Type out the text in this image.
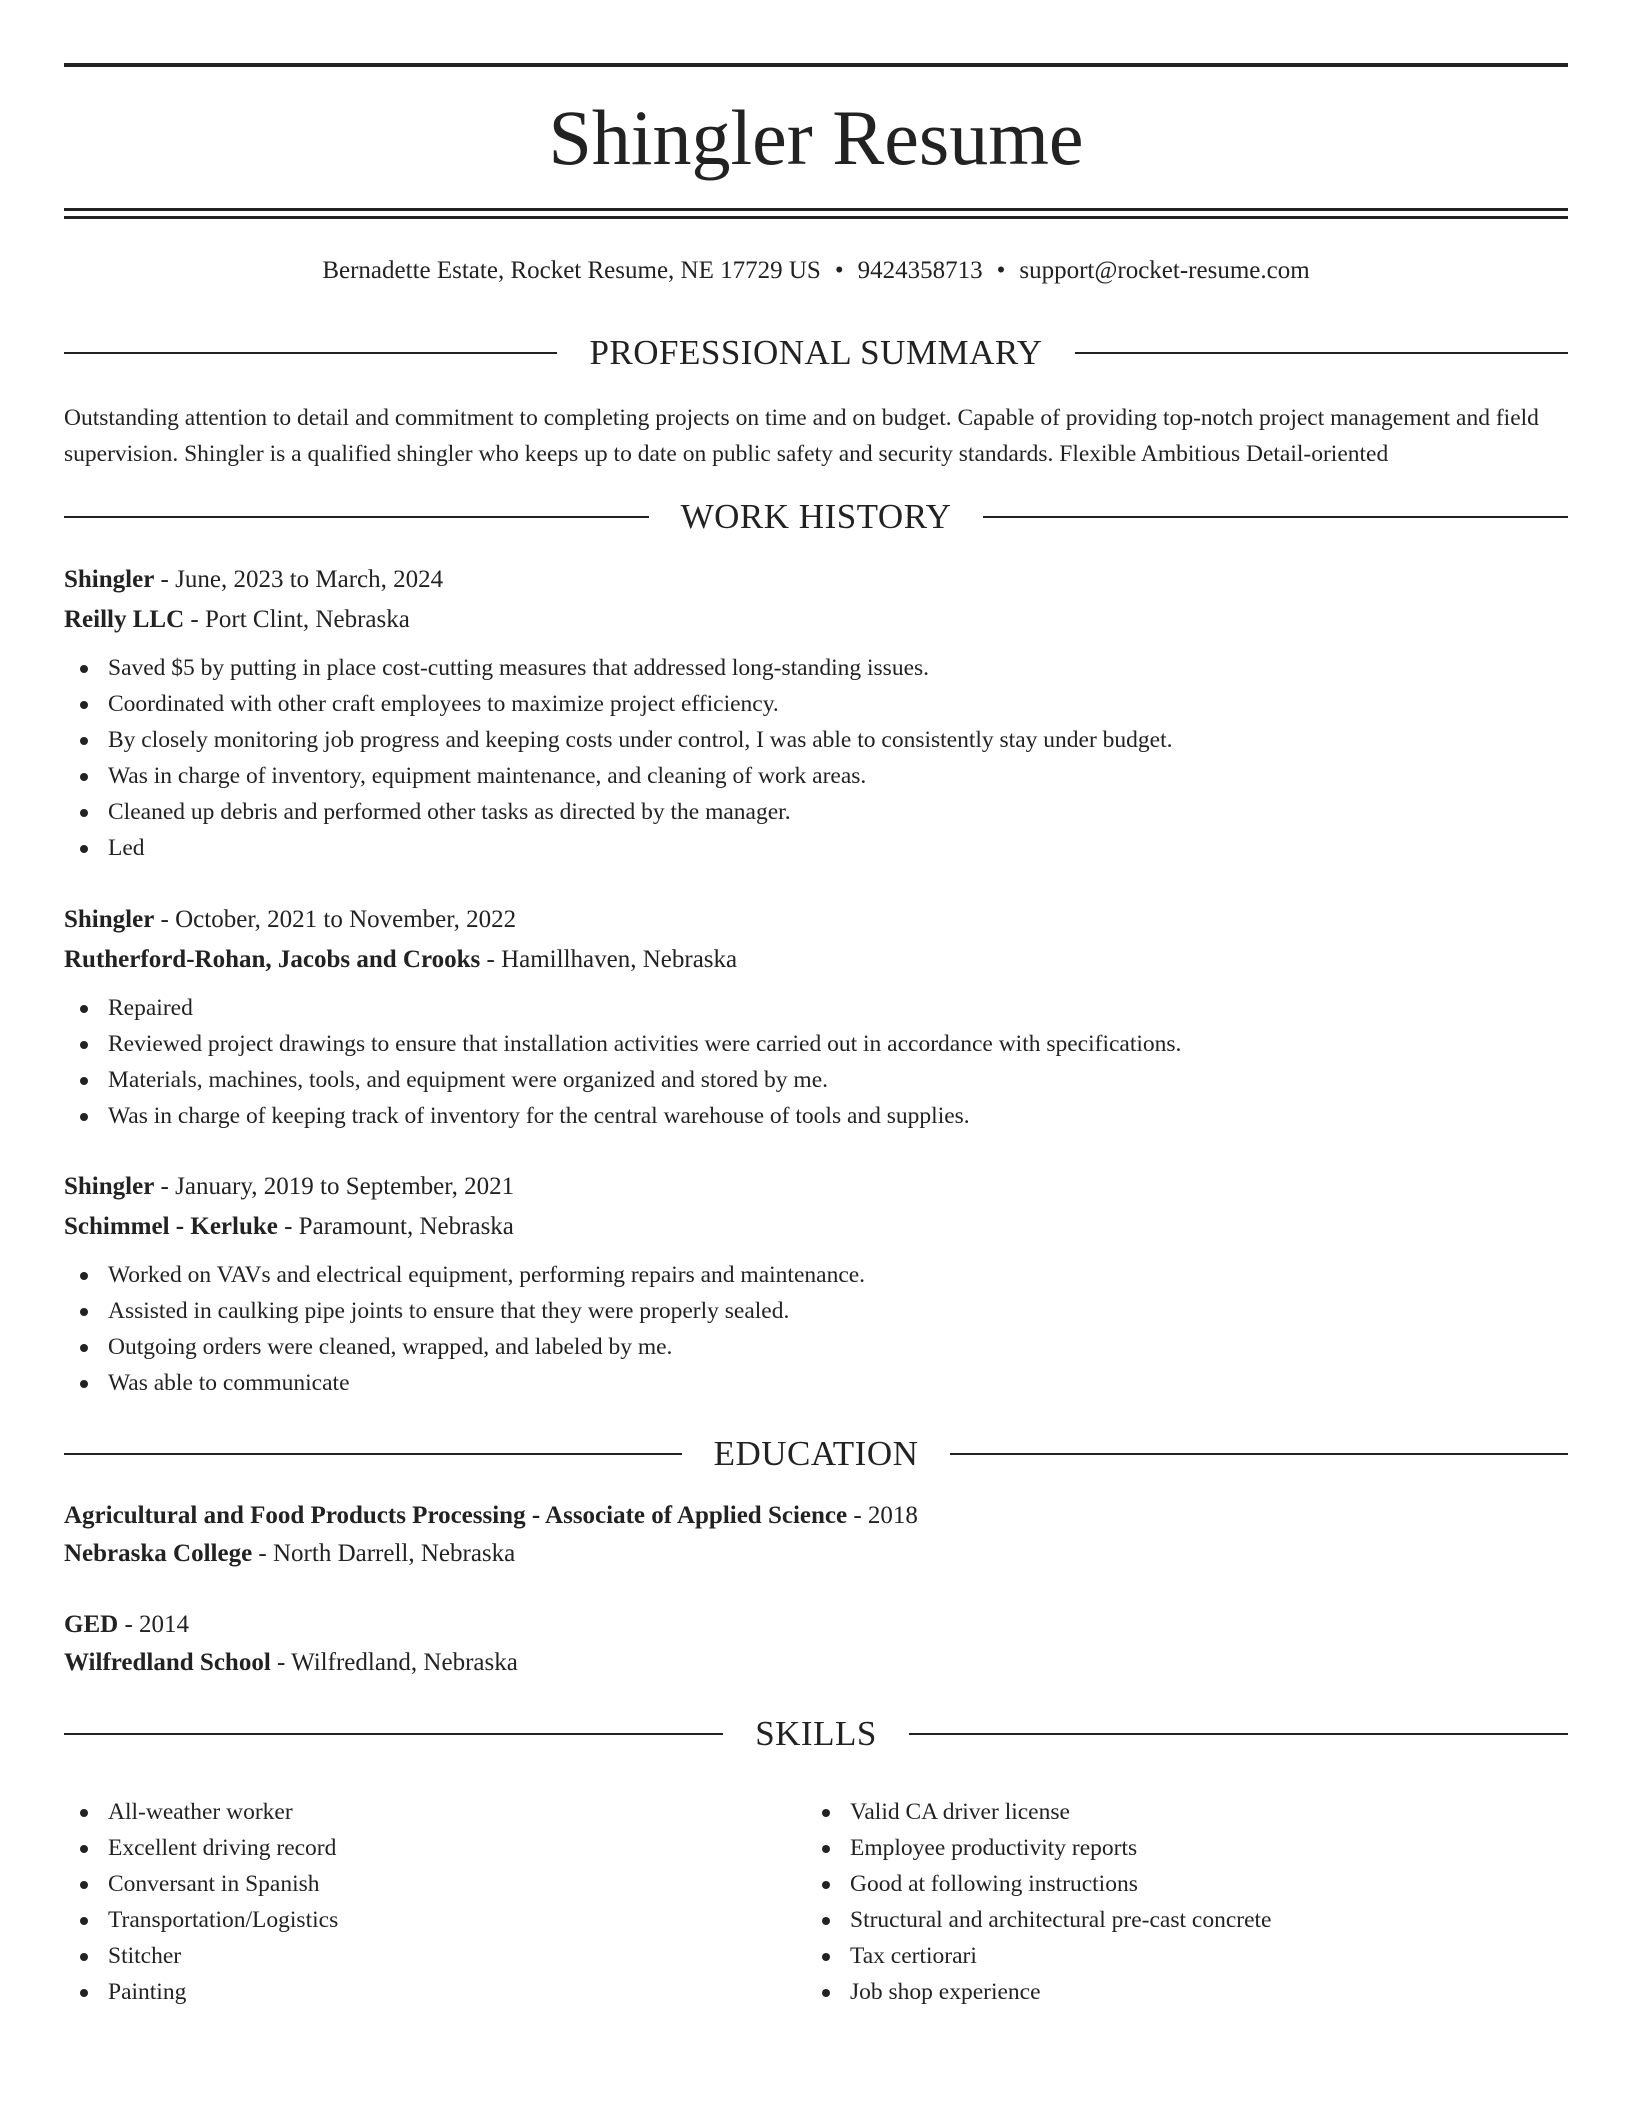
Shingler Resume
Bernadette Estate, Rocket Resume, NE 17729 US • 9424358713 • support@rocket-resume.com
PROFESSIONAL SUMMARY

Outstanding attention to detail and commitment to completing projects on time and on budget. Capable of providing top-notch project management and field supervision. Shingler is a qualified shingler who keeps up to date on public safety and security standards. Flexible Ambitious Detail-oriented

WORK HISTORY
Shingler - June, 2023 to March, 2024
Reilly LLC - Port Clint, Nebraska
Saved $5 by putting in place cost-cutting measures that addressed long-standing issues.
Coordinated with other craft employees to maximize project efficiency.
By closely monitoring job progress and keeping costs under control, I was able to consistently stay under budget.
Was in charge of inventory, equipment maintenance, and cleaning of work areas.
Cleaned up debris and performed other tasks as directed by the manager.
Led
Shingler - October, 2021 to November, 2022
Rutherford-Rohan, Jacobs and Crooks - Hamillhaven, Nebraska
Repaired
Reviewed project drawings to ensure that installation activities were carried out in accordance with specifications.
Materials, machines, tools, and equipment were organized and stored by me.
Was in charge of keeping track of inventory for the central warehouse of tools and supplies.
Shingler - January, 2019 to September, 2021
Schimmel - Kerluke - Paramount, Nebraska
Worked on VAVs and electrical equipment, performing repairs and maintenance.
Assisted in caulking pipe joints to ensure that they were properly sealed.
Outgoing orders were cleaned, wrapped, and labeled by me.
Was able to communicate
EDUCATION
Agricultural and Food Products Processing - Associate of Applied Science - 2018
Nebraska College - North Darrell, Nebraska
GED - 2014
Wilfredland School - Wilfredland, Nebraska
SKILLS
All-weather worker
Excellent driving record
Conversant in Spanish
Transportation/Logistics
Stitcher
Painting
Valid CA driver license
Employee productivity reports
Good at following instructions
Structural and architectural pre-cast concrete
Tax certiorari
Job shop experience
